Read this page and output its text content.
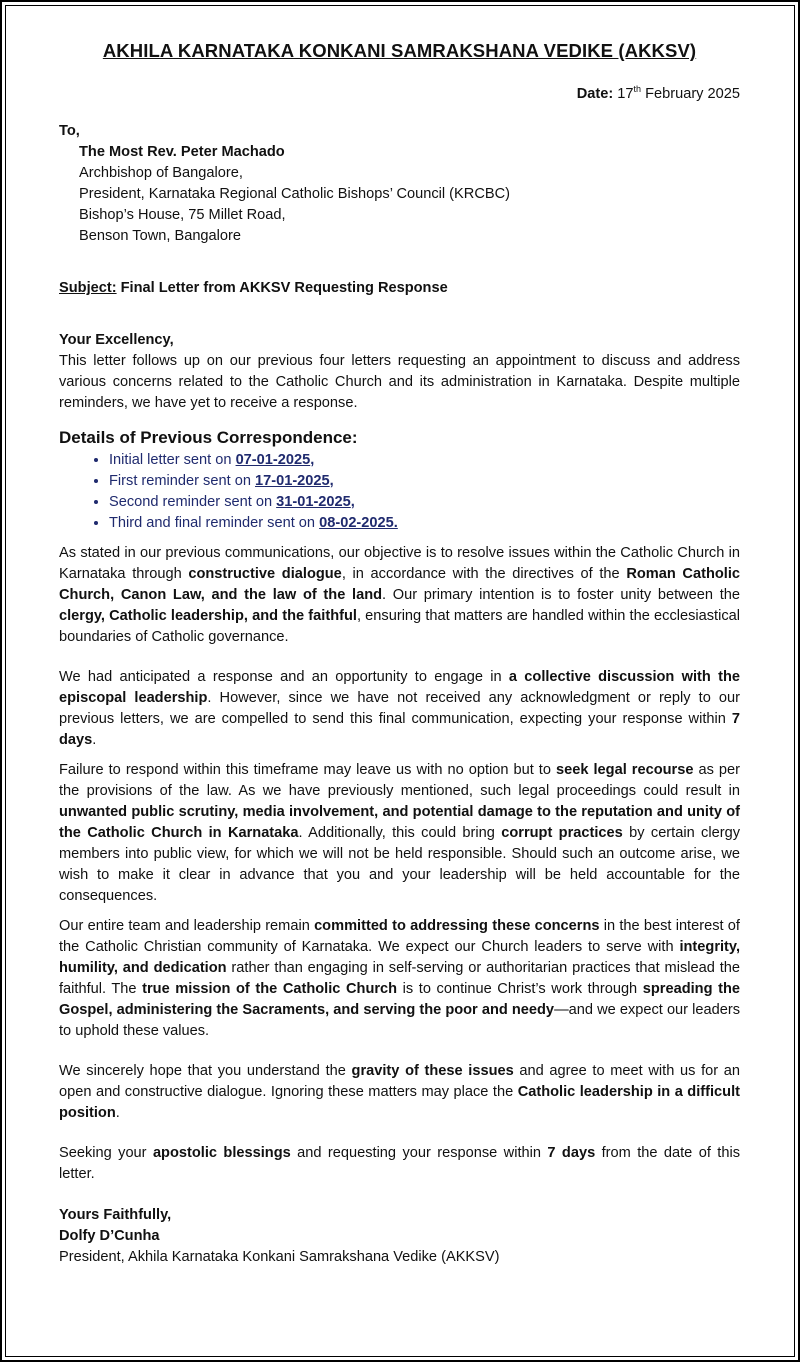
AKHILA KARNATAKA KONKANI SAMRAKSHANA VEDIKE (AKKSV)
Date: 17th February 2025
To,
The Most Rev. Peter Machado
Archbishop of Bangalore,
President, Karnataka Regional Catholic Bishops’ Council (KRCBC)
Bishop’s House, 75 Millet Road,
Benson Town, Bangalore
Subject: Final Letter from AKKSV Requesting Response
Your Excellency,

This letter follows up on our previous four letters requesting an appointment to discuss and address various concerns related to the Catholic Church and its administration in Karnataka. Despite multiple reminders, we have yet to receive a response.

Details of Previous Correspondence:
• Initial letter sent on 07-01-2025,
• First reminder sent on 17-01-2025,
• Second reminder sent on 31-01-2025,
• Third and final reminder sent on 08-02-2025.

As stated in our previous communications, our objective is to resolve issues within the Catholic Church in Karnataka through constructive dialogue, in accordance with the directives of the Roman Catholic Church, Canon Law, and the law of the land. Our primary intention is to foster unity between the clergy, Catholic leadership, and the faithful, ensuring that matters are handled within the ecclesiastical boundaries of Catholic governance.

We had anticipated a response and an opportunity to engage in a collective discussion with the episcopal leadership. However, since we have not received any acknowledgment or reply to our previous letters, we are compelled to send this final communication, expecting your response within 7 days.

Failure to respond within this timeframe may leave us with no option but to seek legal recourse as per the provisions of the law. As we have previously mentioned, such legal proceedings could result in unwanted public scrutiny, media involvement, and potential damage to the reputation and unity of the Catholic Church in Karnataka. Additionally, this could bring corrupt practices by certain clergy members into public view, for which we will not be held responsible. Should such an outcome arise, we wish to make it clear in advance that you and your leadership will be held accountable for the consequences.

Our entire team and leadership remain committed to addressing these concerns in the best interest of the Catholic Christian community of Karnataka. We expect our Church leaders to serve with integrity, humility, and dedication rather than engaging in self-serving or authoritarian practices that mislead the faithful. The true mission of the Catholic Church is to continue Christ’s work through spreading the Gospel, administering the Sacraments, and serving the poor and needy—and we expect our leaders to uphold these values.

We sincerely hope that you understand the gravity of these issues and agree to meet with us for an open and constructive dialogue. Ignoring these matters may place the Catholic leadership in a difficult position.

Seeking your apostolic blessings and requesting your response within 7 days from the date of this letter.

Yours Faithfully,
Dolfy D’Cunha
President, Akhila Karnataka Konkani Samrakshana Vedike (AKKSV)
